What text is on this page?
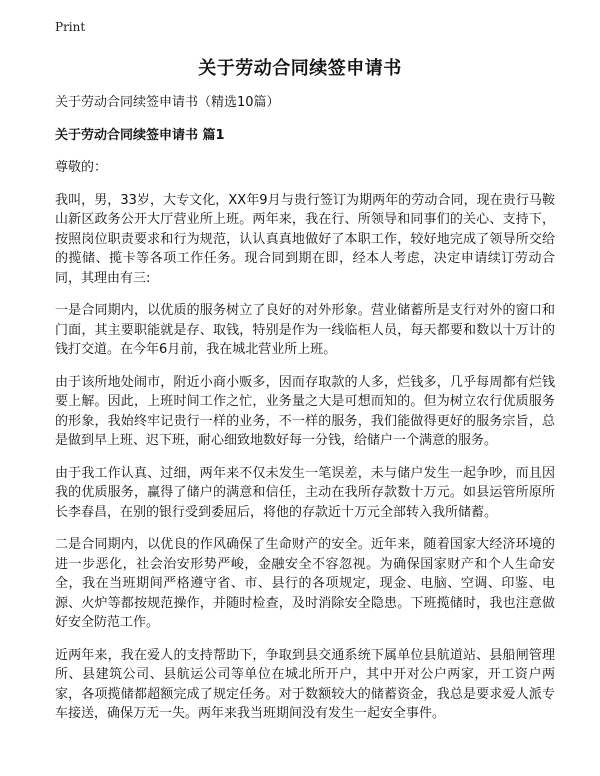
Print
关于劳动合同续签申请书

关于劳动合同续签申请书（精选10篇）

关于劳动合同续签申请书 篇1

尊敬的：

我叫，男，33岁，大专文化，XX年9月与贵行签订为期两年的劳动合同，现在贵行马鞍山新区政务公开大厅营业所上班。两年来，我在行、所领导和同事们的关心、支持下，按照岗位职责要求和行为规范，认认真真地做好了本职工作，较好地完成了领导所交给的揽储、揽卡等各项工作任务。现合同到期在即，经本人考虑，决定申请续订劳动合同，其理由有三:

一是合同期内，以优质的服务树立了良好的对外形象。营业储蓄所是支行对外的窗口和门面，其主要职能就是存、取钱，特别是作为一线临柜人员，每天都要和数以十万计的钱打交道。在今年6月前，我在城北营业所上班。

由于该所地处闹市，附近小商小贩多，因而存取款的人多，烂钱多，几乎每周都有烂钱要上解。因此，上班时间工作之忙，业务量之大是可想而知的。但为树立农行优质服务的形象，我始终牢记贵行一样的业务，不一样的服务，我们能做得更好的服务宗旨，总是做到早上班、迟下班，耐心细致地数好每一分钱，给储户一个满意的服务。

由于我工作认真、过细，两年来不仅未发生一笔误差，未与储户发生一起争吵，而且因我的优质服务，赢得了储户的满意和信任，主动在我所存款数十万元。如县运管所原所长李春昌，在别的银行受到委屈后，将他的存款近十万元全部转入我所储蓄。

二是合同期内，以优良的作风确保了生命财产的安全。近年来，随着国家大经济环境的进一步恶化，社会治安形势严峻，金融安全不容忽视。为确保国家财产和个人生命安全，我在当班期间严格遵守省、市、县行的各项规定，现金、电脑、空调、印鉴、电源、火炉等都按规范操作，并随时检查，及时消除安全隐患。下班揽储时，我也注意做好安全防范工作。

近两年来，我在爱人的支持帮助下，争取到县交通系统下属单位县航道站、县船闸管理所、县建筑公司、县航运公司等单位在城北所开户，其中开对公户两家，开工资户两家，各项揽储都超额完成了规定任务。对于数额较大的储蓄资金，我总是要求爱人派专车接送，确保万无一失。两年来我当班期间没有发生一起安全事件。
